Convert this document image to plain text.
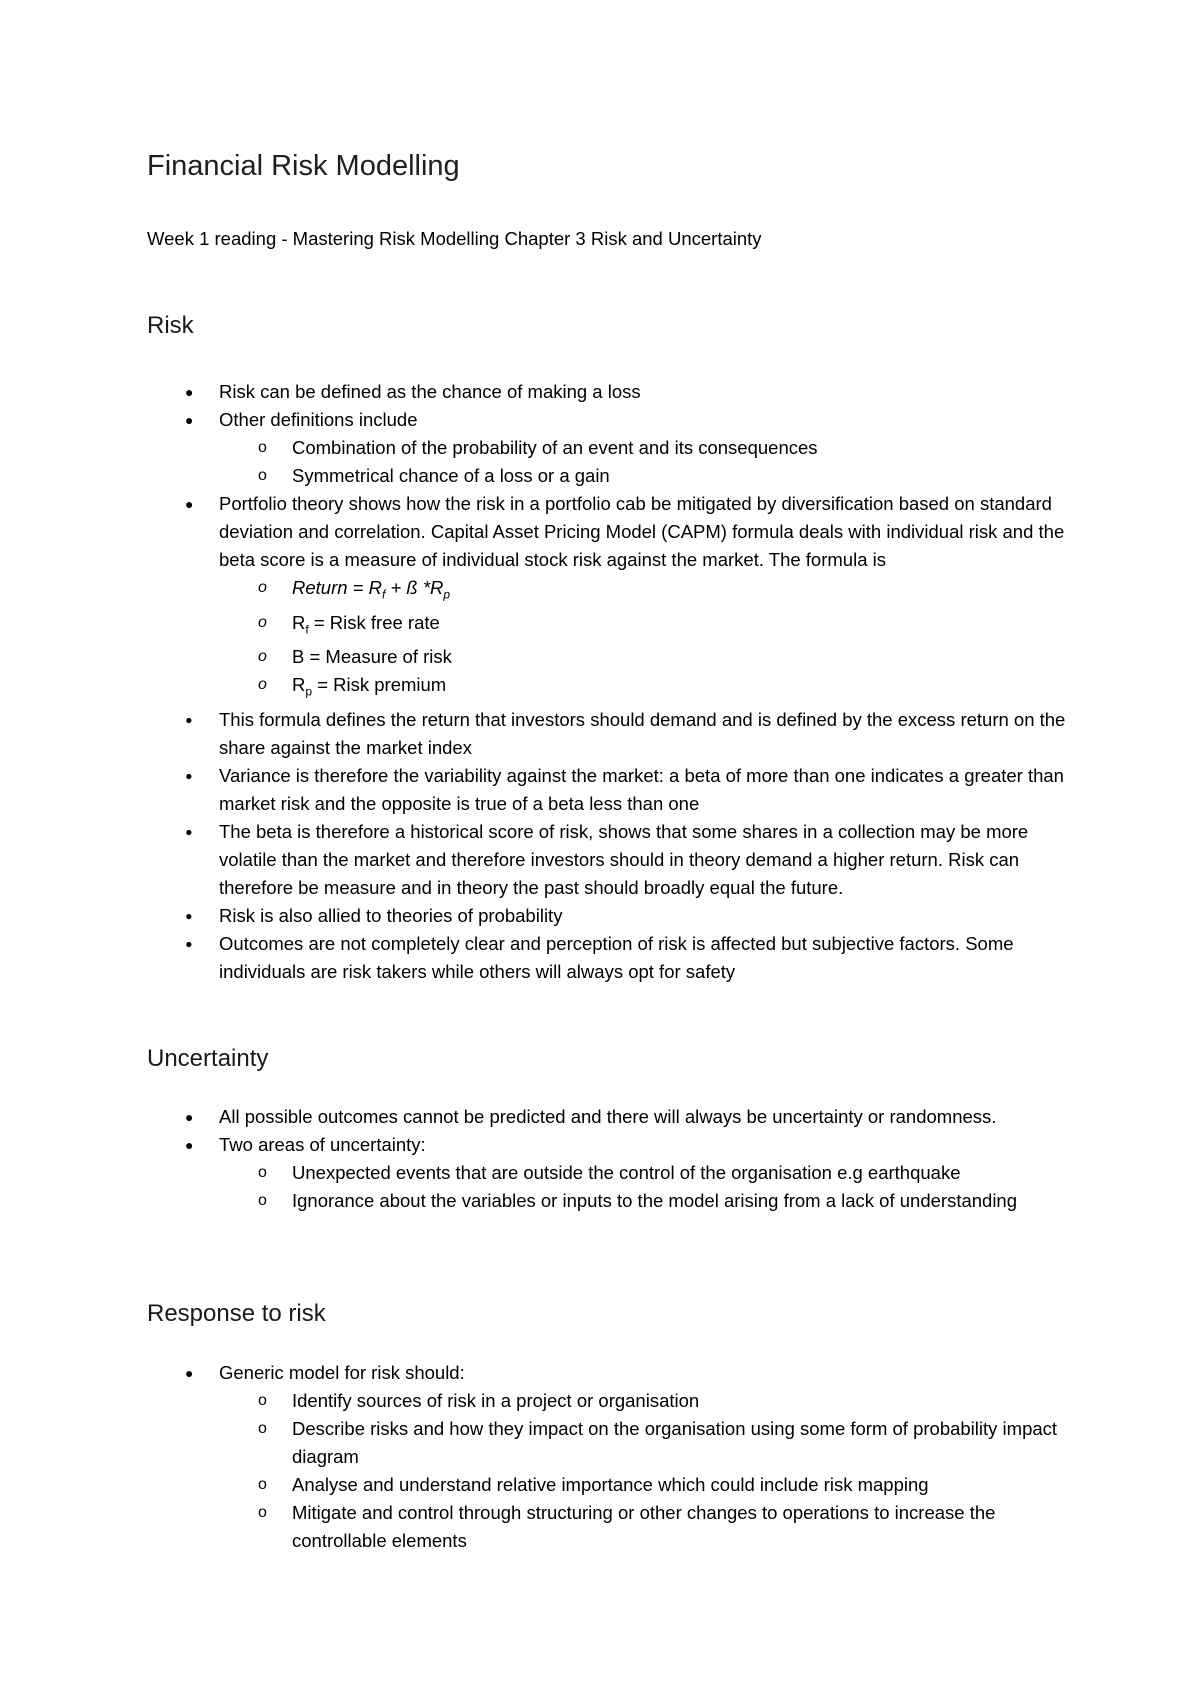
Financial Risk Modelling
Week 1 reading - Mastering Risk Modelling Chapter 3 Risk and Uncertainty
Risk
● Risk can be defined as the chance of making a loss
● Other definitions include
o Combination of the probability of an event and its consequences
o Symmetrical chance of a loss or a gain
● Portfolio theory shows how the risk in a portfolio cab be mitigated by diversification based on standard deviation and correlation. Capital Asset Pricing Model (CAPM) formula deals with individual risk and the beta score is a measure of individual stock risk against the market. The formula is
o Return = $R_f$ + ß $*R_p$
o $R_f$ = Risk free rate
o B = Measure of risk
o $R_p$ = Risk premium
● This formula defines the return that investors should demand and is defined by the excess return on the share against the market index
● Variance is therefore the variability against the market: a beta of more than one indicates a greater than market risk and the opposite is true of a beta less than one
● The beta is therefore a historical score of risk, shows that some shares in a collection may be more volatile than the market and therefore investors should in theory demand a higher return. Risk can therefore be measure and in theory the past should broadly equal the future.
● Risk is also allied to theories of probability
● Outcomes are not completely clear and perception of risk is affected but subjective factors. Some individuals are risk takers while others will always opt for safety
Uncertainty
● All possible outcomes cannot be predicted and there will always be uncertainty or randomness.
● Two areas of uncertainty:
o Unexpected events that are outside the control of the organisation e.g earthquake
o Ignorance about the variables or inputs to the model arising from a lack of understanding
Response to risk
● Generic model for risk should:
o Identify sources of risk in a project or organisation
o Describe risks and how they impact on the organisation using some form of probability impact diagram
o Analyse and understand relative importance which could include risk mapping
o Mitigate and control through structuring or other changes to operations to increase the controllable elements
